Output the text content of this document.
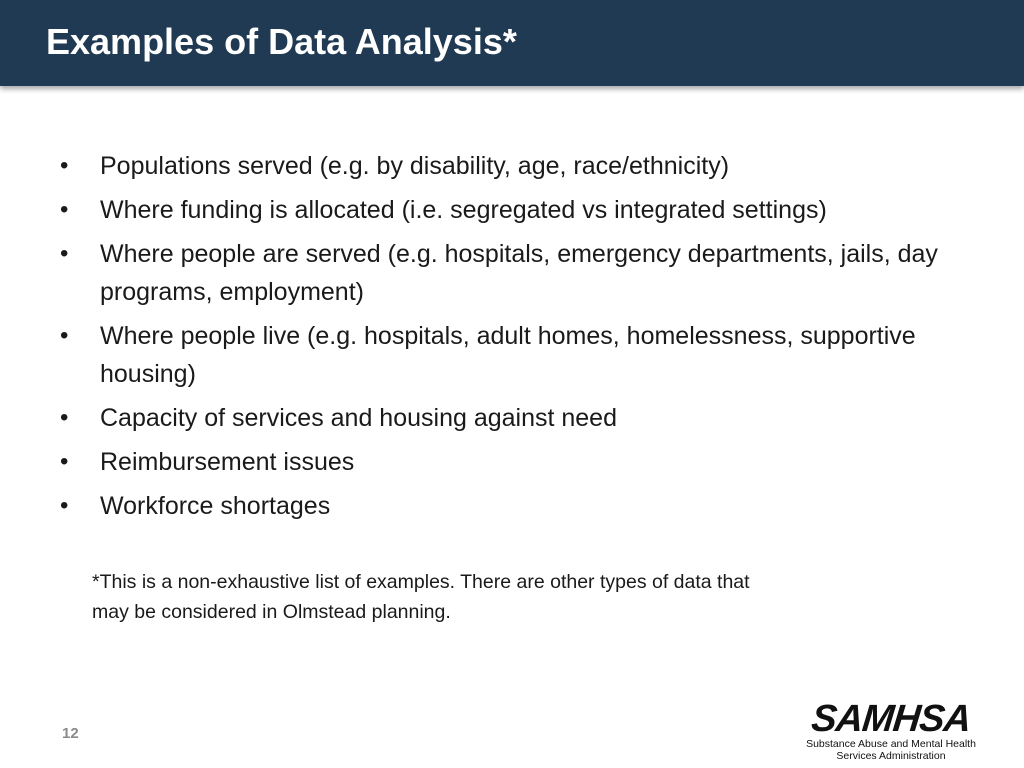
Examples of Data Analysis*
• Populations served (e.g. by disability, age, race/ethnicity)
• Where funding is allocated (i.e. segregated vs integrated settings)
• Where people are served (e.g. hospitals, emergency departments, jails, day programs, employment)
• Where people live (e.g. hospitals, adult homes, homelessness, supportive housing)
• Capacity of services and housing against need
• Reimbursement issues
• Workforce shortages

*This is a non-exhaustive list of examples. There are other types of data that
may be considered in Olmstead planning.

12	SAMHSA
Substance Abuse and Mental Health
Services Administration
